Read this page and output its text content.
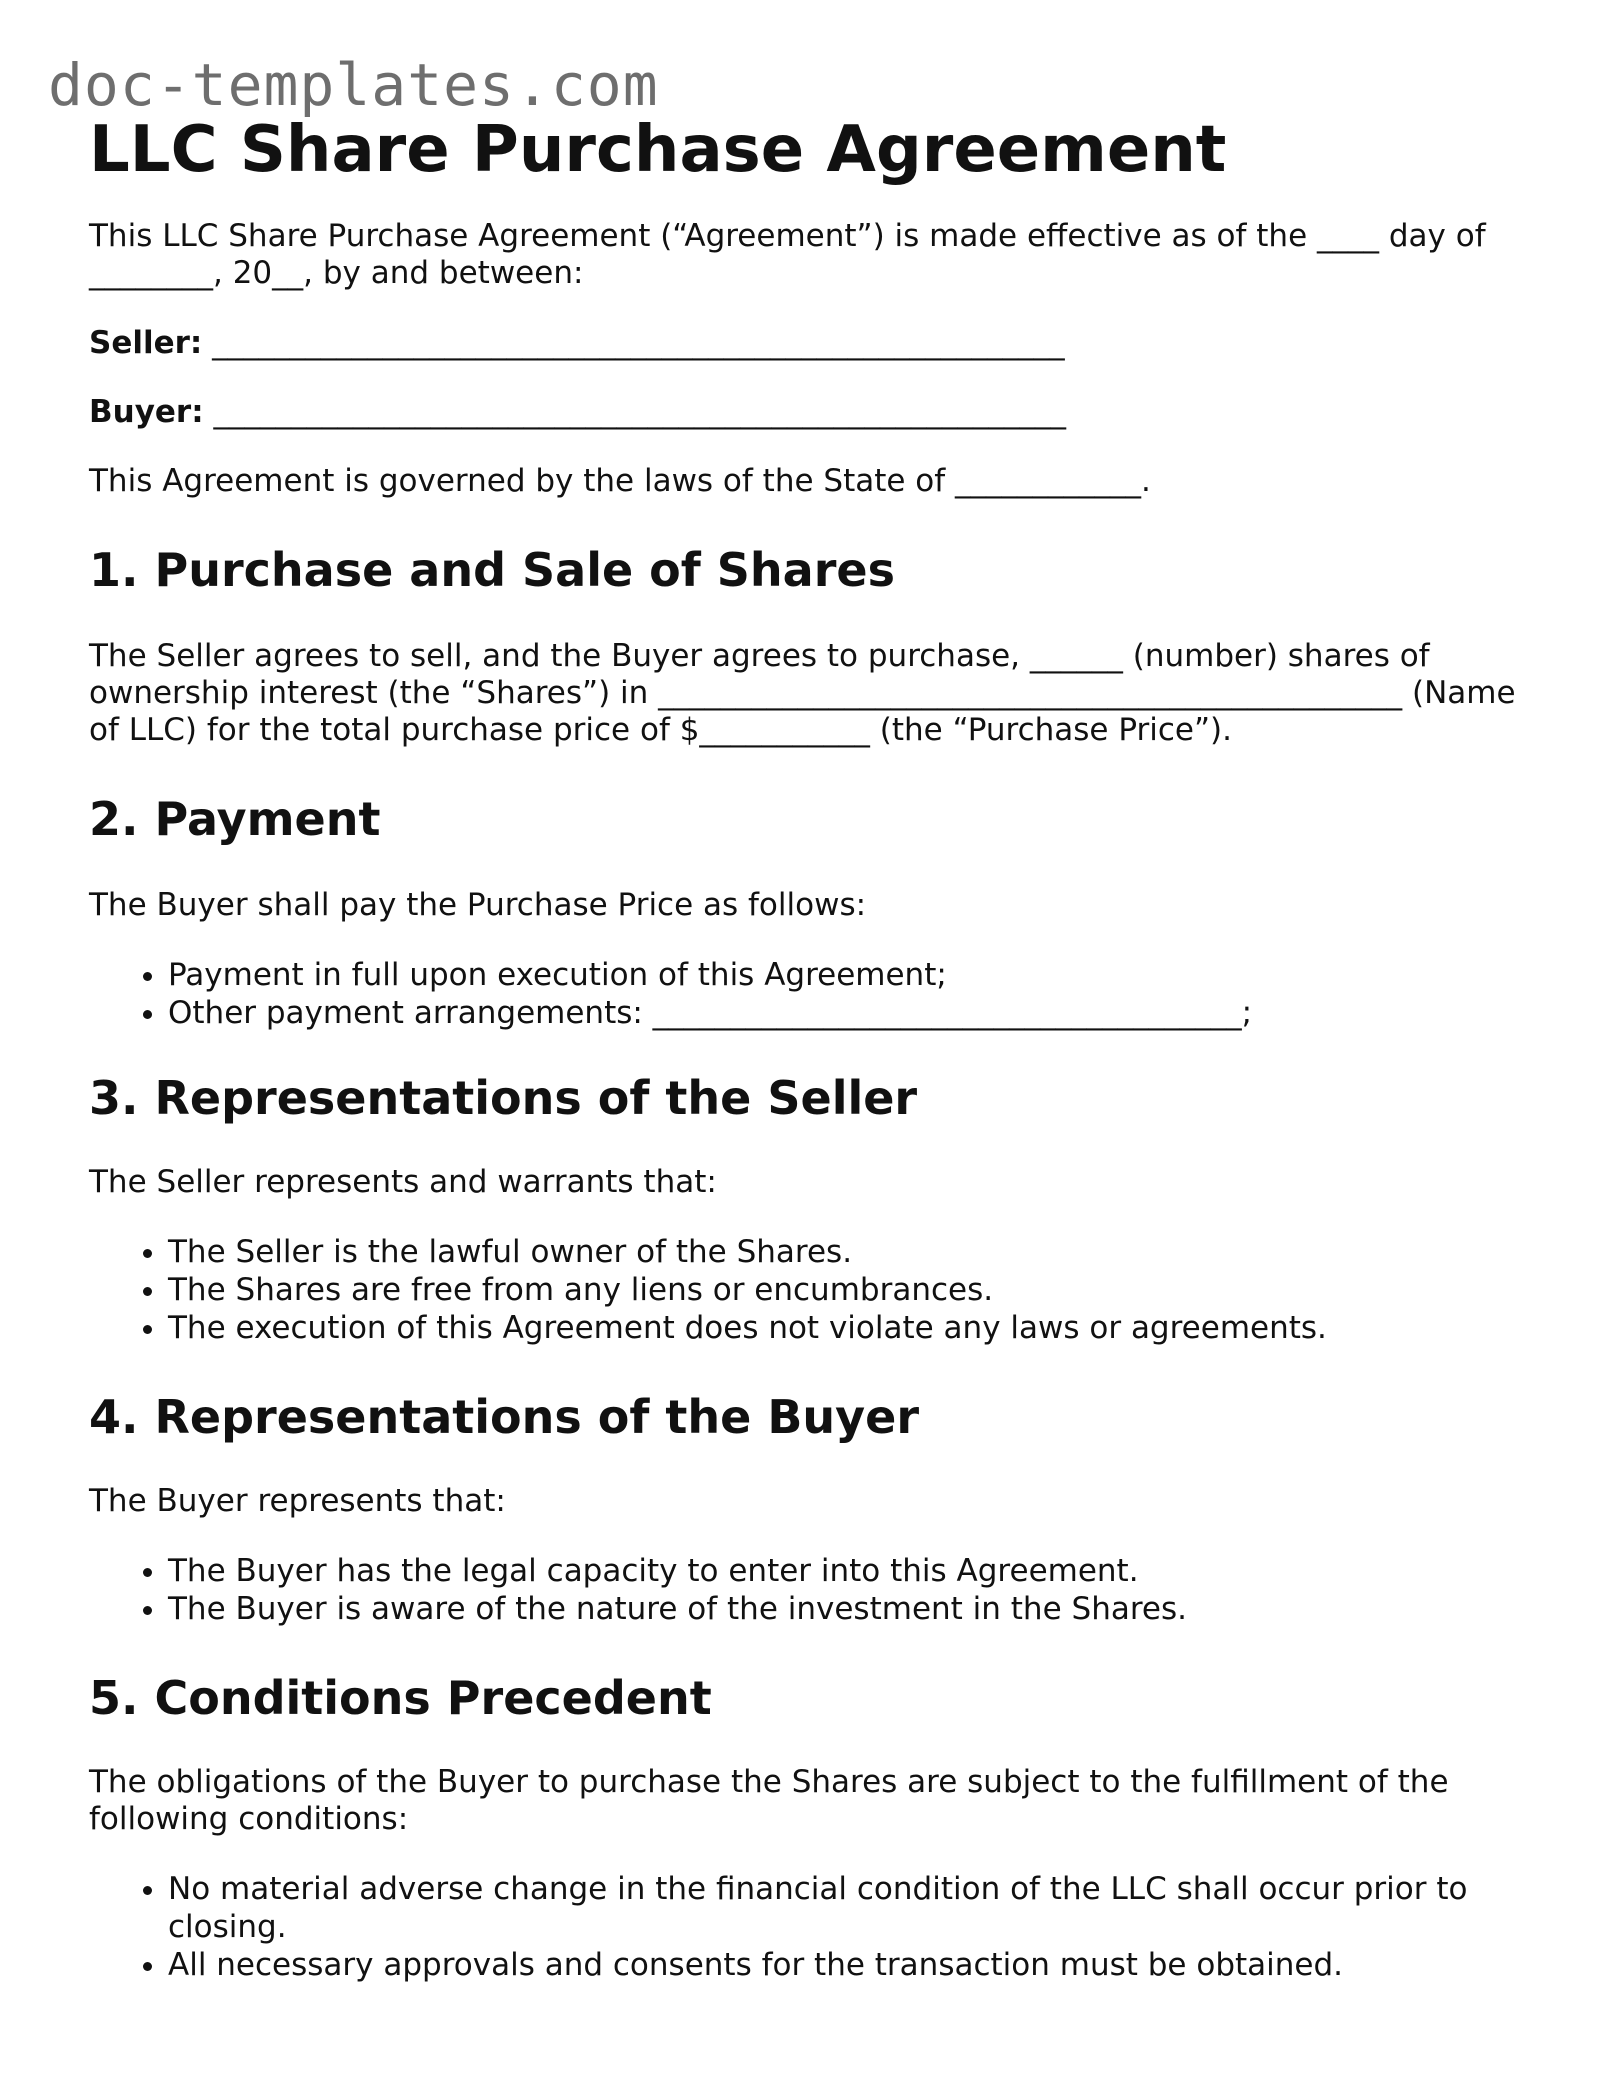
doc-templates.com
LLC Share Purchase Agreement

This LLC Share Purchase Agreement (“Agreement”) is made effective as of the ____ day of ________, 20__, by and between:

Seller: _______________________________________________________

Buyer: _______________________________________________________

This Agreement is governed by the laws of the State of ____________.

1. Purchase and Sale of Shares

The Seller agrees to sell, and the Buyer agrees to purchase, ______ (number) shares of ownership interest (the “Shares”) in ________________________________________________ (Name of LLC) for the total purchase price of $___________ (the “Purchase Price”).

2. Payment

The Buyer shall pay the Purchase Price as follows:

• Payment in full upon execution of this Agreement;
• Other payment arrangements: ______________________________________;
3. Representations of the Seller

The Seller represents and warrants that:

• The Seller is the lawful owner of the Shares.
• The Shares are free from any liens or encumbrances.
• The execution of this Agreement does not violate any laws or agreements.
4. Representations of the Buyer

The Buyer represents that:

• The Buyer has the legal capacity to enter into this Agreement.
• The Buyer is aware of the nature of the investment in the Shares.
5. Conditions Precedent

The obligations of the Buyer to purchase the Shares are subject to the fulfillment of the following conditions:

• No material adverse change in the financial condition of the LLC shall occur prior to closing.
• All necessary approvals and consents for the transaction must be obtained.
